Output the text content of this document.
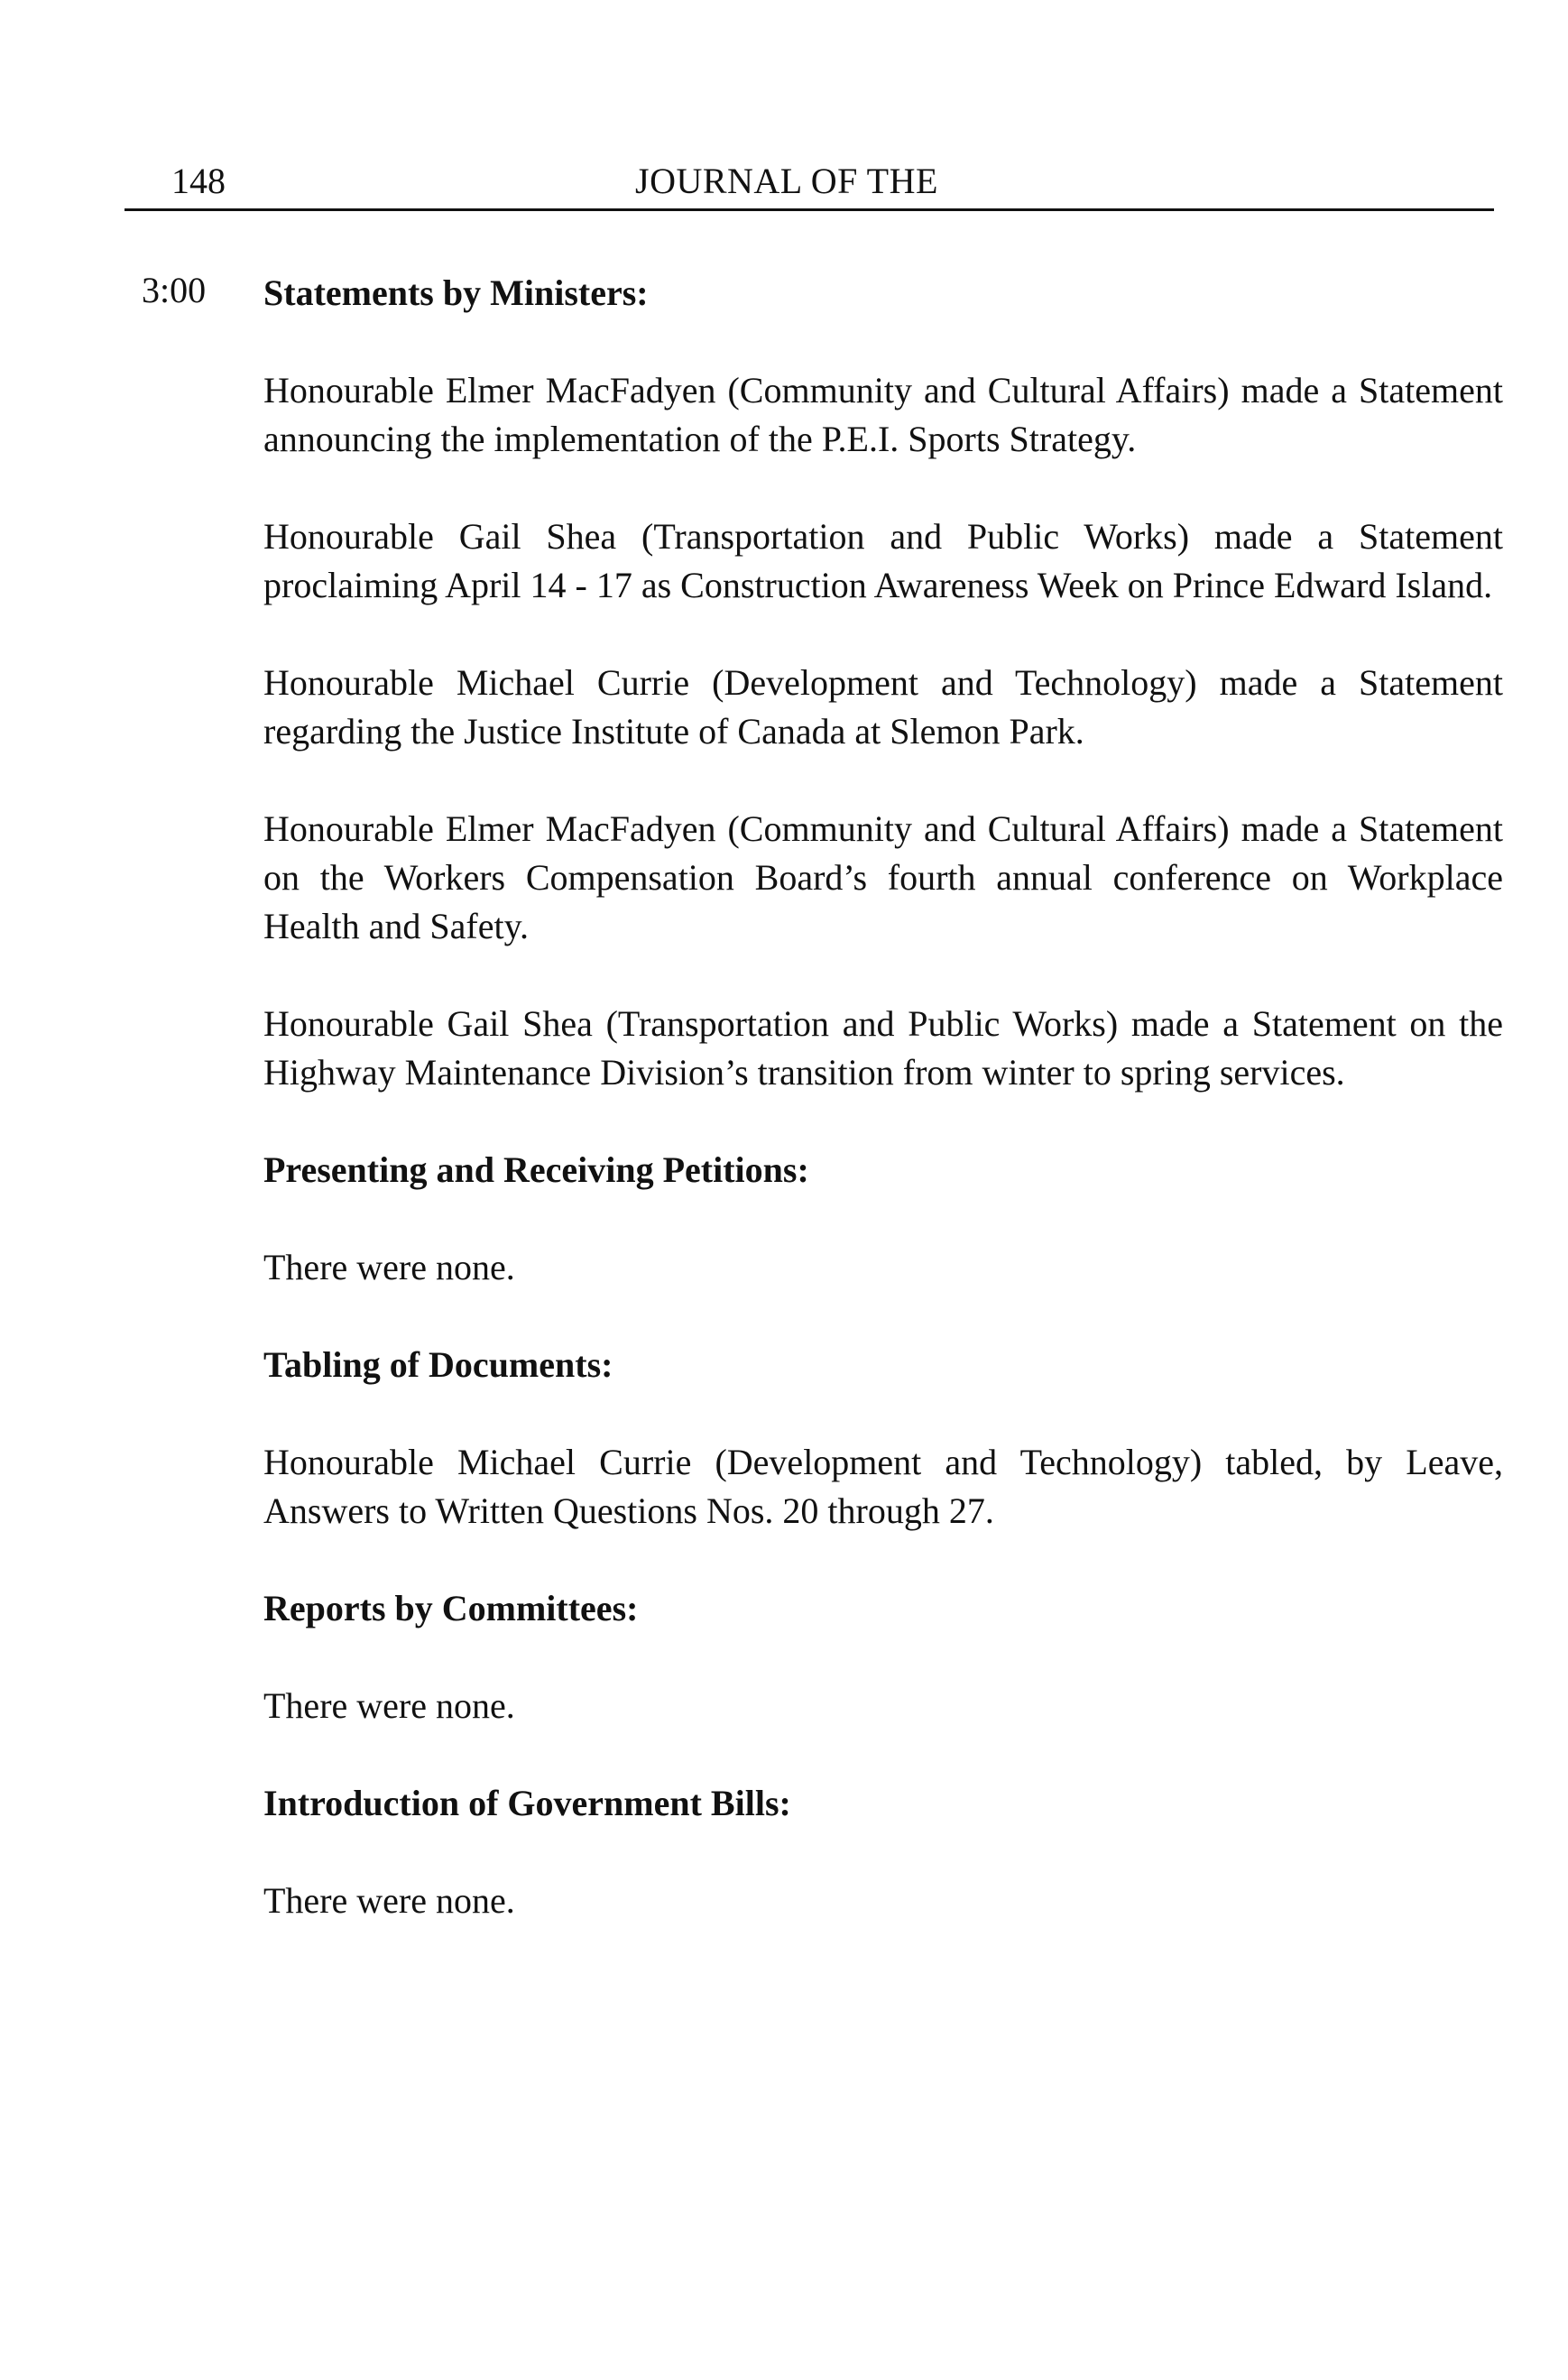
148	JOURNAL OF THE
3:00 Statements by Ministers:

Honourable Elmer MacFadyen (Community and Cultural Affairs) made a Statement announcing the implementation of the P.E.I. Sports Strategy.

Honourable Gail Shea (Transportation and Public Works) made a Statement proclaiming April 14 - 17 as Construction Awareness Week on Prince Edward Island.

Honourable Michael Currie (Development and Technology) made a Statement regarding the Justice Institute of Canada at Slemon Park.

Honourable Elmer MacFadyen (Community and Cultural Affairs) made a Statement on the Workers Compensation Board’s fourth annual conference on Workplace Health and Safety.

Honourable Gail Shea (Transportation and Public Works) made a Statement on the Highway Maintenance Division’s transition from winter to spring services.

Presenting and Receiving Petitions:

There were none.

Tabling of Documents:

Honourable Michael Currie (Development and Technology) tabled, by Leave, Answers to Written Questions Nos. 20 through 27.

Reports by Committees:

There were none.

Introduction of Government Bills:

There were none.
